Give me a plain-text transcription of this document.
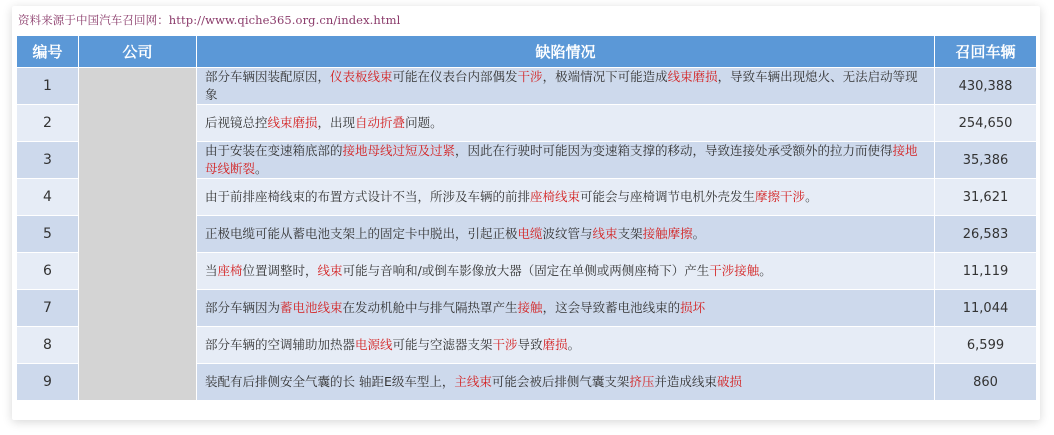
资料来源于中国汽车召回网：http://www.qiche365.org.cn/index.html
编号	公司	缺陷情况	召回车辆
1		部分车辆因装配原因，仪表板线束可能在仪表台内部偶发干涉，极端情况下可能造成线束磨损，导致车辆出现熄火、无法启动等现象	430,388
2		后视镜总控线束磨损，出现自动折叠问题。	254,650
3		由于安装在变速箱底部的接地母线过短及过紧，因此在行驶时可能因为变速箱支撑的移动，导致连接处承受额外的拉力而使得接地母线断裂。	35,386
4		由于前排座椅线束的布置方式设计不当，所涉及车辆的前排座椅线束可能会与座椅调节电机外壳发生摩擦干涉。	31,621
5		正极电缆可能从蓄电池支架上的固定卡中脱出，引起正极电缆波纹管与线束支架接触摩擦。	26,583
6		当座椅位置调整时，线束可能与音响和/或倒车影像放大器（固定在单侧或两侧座椅下）产生干涉接触。	11,119
7		部分车辆因为蓄电池线束在发动机舱中与排气隔热罩产生接触，这会导致蓄电池线束的损坏	11,044
8		部分车辆的空调辅助加热器电源线可能与空滤器支架干涉导致磨损。	6,599
9		装配有后排侧安全气囊的长 轴距E级车型上，主线束可能会被后排侧气囊支架挤压并造成线束破损	860
